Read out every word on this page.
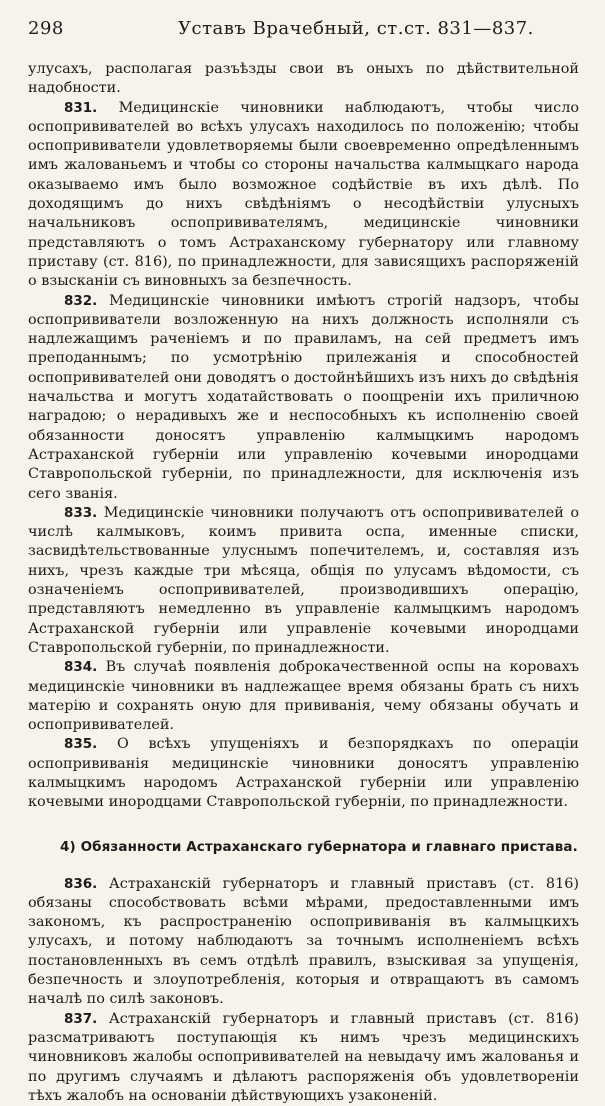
298	Уставъ Врачебный, ст.ст. 831—837.

улусахъ, располагая разъѣзды свои въ оныхъ по дѣйствительной надобности.

831. Медицинскіе чиновники наблюдаютъ, чтобы число оспопрививателей во всѣхъ улусахъ находилось по положенію; чтобы оспопрививатели удовлетворяемы были своевременно опредѣленнымъ имъ жалованьемъ и чтобы со стороны начальства калмыцкаго народа оказываемо имъ было возможное содѣйствіе въ ихъ дѣлѣ. По доходящимъ до нихъ свѣдѣніямъ о несодѣйствіи улусныхъ начальниковъ оспопрививателямъ, медицинскіе чиновники представляютъ о томъ Астраханскому губернатору или главному приставу (ст. 816), по принадлежности, для зависящихъ распоряженій о взысканіи съ виновныхъ за безпечность.

832. Медицинскіе чиновники имѣютъ строгій надзоръ, чтобы оспопрививатели возложенную на нихъ должность исполняли съ надлежащимъ раченіемъ и по правиламъ, на сей предметъ имъ преподаннымъ; по усмотрѣнію прилежанія и способностей оспопрививателей они доводятъ о достойнѣйшихъ изъ нихъ до свѣдѣнія начальства и могутъ ходатайствовать о поощреніи ихъ приличною наградою; о нерадивыхъ же и неспособныхъ къ исполненію своей обязанности доносятъ управленію калмыцкимъ народомъ Астраханской губерніи или управленію кочевыми инородцами Ставропольской губерніи, по принадлежности, для исключенія изъ сего званія.

833. Медицинскіе чиновники получаютъ отъ оспопрививателей о числѣ калмыковъ, коимъ привита оспа, именные списки, засвидѣтельствованные улуснымъ попечителемъ, и, составляя изъ нихъ, чрезъ каждые три мѣсяца, общія по улусамъ вѣдомости, съ означеніемъ оспопрививателей, производившихъ операцію, представляютъ немедленно въ управленіе калмыцкимъ народомъ Астраханской губерніи или управленіе кочевыми инородцами Ставропольской губерніи, по принадлежности.

834. Въ случаѣ появленія доброкачественной оспы на коровахъ медицинскіе чиновники въ надлежащее время обязаны брать съ нихъ матерію и сохранять оную для прививанія, чему обязаны обучать и оспопрививателей.

835. О всѣхъ упущеніяхъ и безпорядкахъ по операціи оспопрививанія медицинскіе чиновники доносятъ управленію калмыцкимъ народомъ Астраханской губерніи или управленію кочевыми инородцами Ставропольской губерніи, по принадлежности.

4) Обязанности Астраханскаго губернатора и главнаго пристава.

836. Астраханскій губернаторъ и главный приставъ (ст. 816) обязаны способствовать всѣми мѣрами, предоставленными имъ закономъ, къ распространенію оспопрививанія въ калмыцкихъ улусахъ, и потому наблюдаютъ за точнымъ исполненіемъ всѣхъ постановленныхъ въ семъ отдѣлѣ правилъ, взыскивая за упущенія, безпечность и злоупотребленія, которыя и отвращаютъ въ самомъ началѣ по силѣ законовъ.

837. Астраханскій губернаторъ и главный приставъ (ст. 816) разсматриваютъ поступающія къ нимъ чрезъ медицинскихъ чиновниковъ жалобы оспопрививателей на невыдачу имъ жалованья и по другимъ случаямъ и дѣлаютъ распоряженія объ удовлетвореніи тѣхъ жалобъ на основаніи дѣйствующихъ узаконеній.
